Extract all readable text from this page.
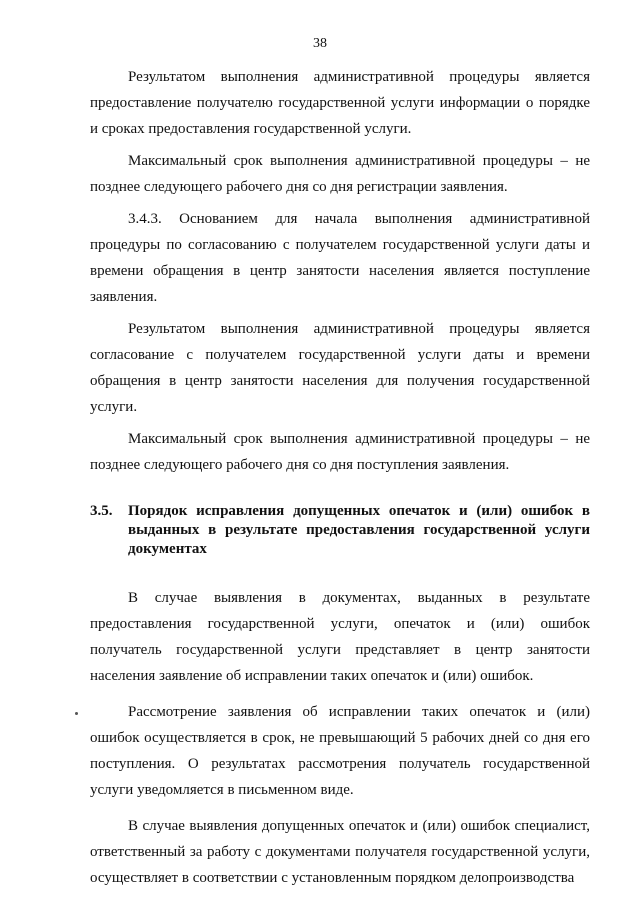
38

Результатом выполнения административной процедуры является предоставление получателю государственной услуги информации о порядке и сроках предоставления государственной услуги.

Максимальный срок выполнения административной процедуры – не позднее следующего рабочего дня со дня регистрации заявления.

3.4.3. Основанием для начала выполнения административной процедуры по согласованию с получателем государственной услуги даты и времени обращения в центр занятости населения является поступление заявления.

Результатом выполнения административной процедуры является согласование с получателем государственной услуги даты и времени обращения в центр занятости населения для получения государственной услуги.

Максимальный срок выполнения административной процедуры – не позднее следующего рабочего дня со дня поступления заявления.

3.5.	Порядок исправления допущенных опечаток и (или) ошибок в выданных в результате предоставления государственной услуги документах

В случае выявления в документах, выданных в результате предоставления государственной услуги, опечаток и (или) ошибок получатель государственной услуги представляет в центр занятости населения заявление об исправлении таких опечаток и (или) ошибок.

Рассмотрение заявления об исправлении таких опечаток и (или) ошибок осуществляется в срок, не превышающий 5 рабочих дней со дня его поступления. О результатах рассмотрения получатель государственной услуги уведомляется в письменном виде.

В случае выявления допущенных опечаток и (или) ошибок специалист, ответственный за работу с документами получателя государственной услуги, осуществляет в соответствии с установленным порядком делопроизводства
